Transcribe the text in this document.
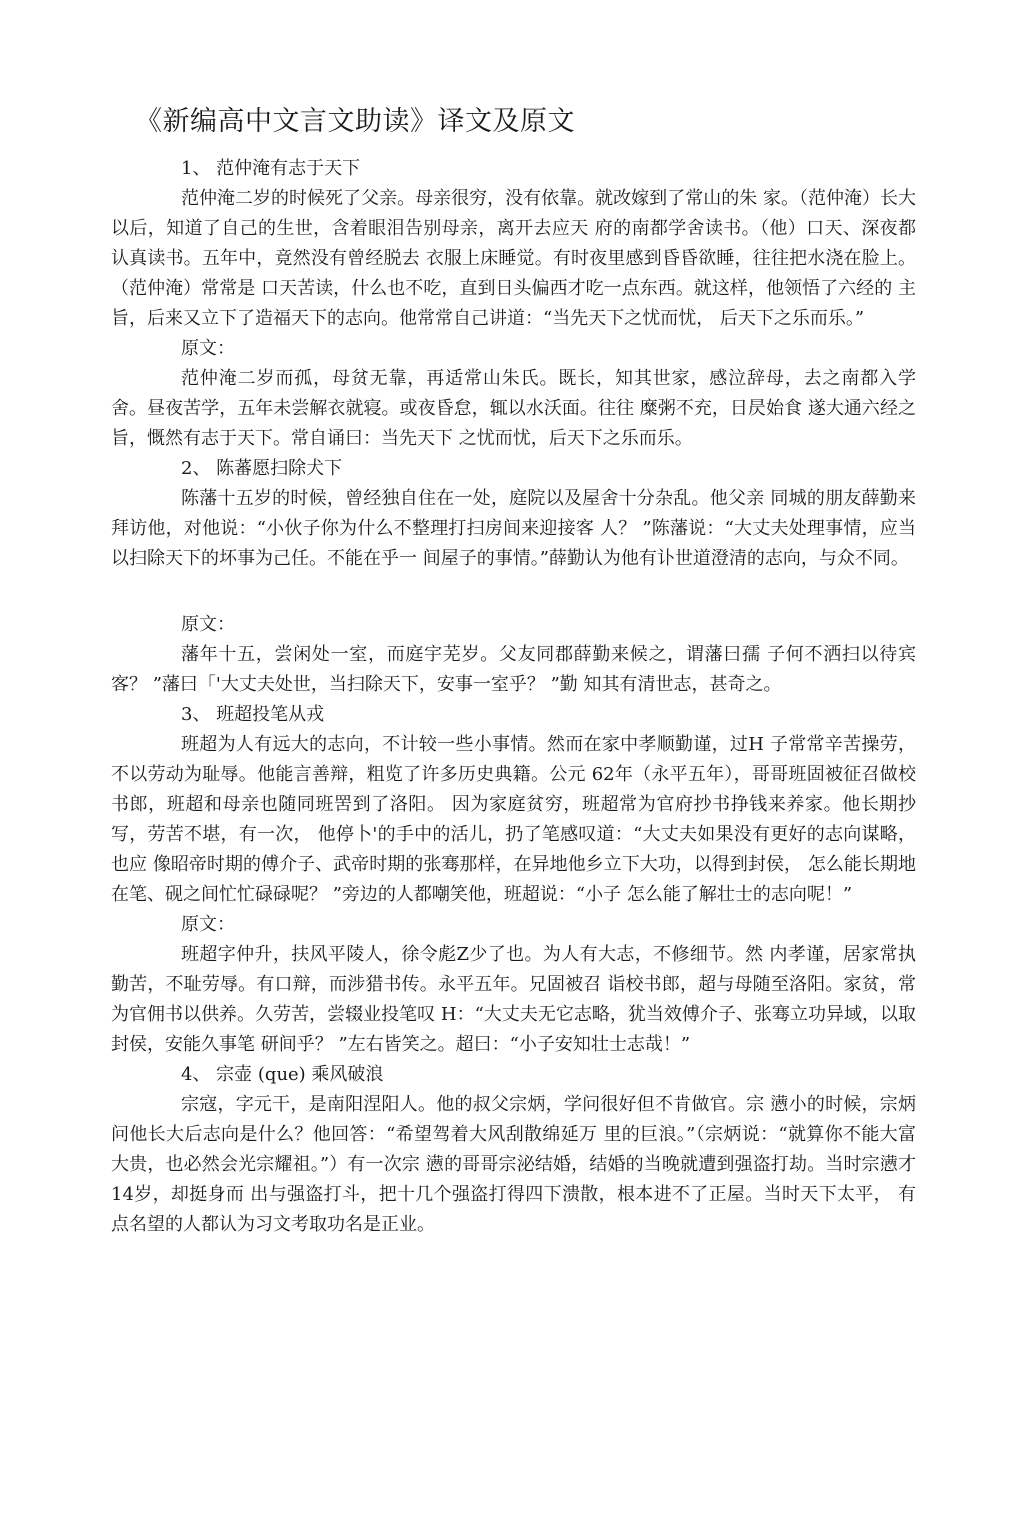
《新编高中文言文助读》译文及原文
1、 范仲淹有志于天下

范仲淹二岁的时候死了父亲。母亲很穷，没有依靠。就改嫁到了常山的朱 家。（范仲淹）长大以后，知道了自己的生世，含着眼泪告别母亲，离开去应天 府的南都学舍读书。（他）口天、深夜都认真读书。五年中，竟然没有曾经脱去 衣服上床睡觉。有时夜里感到昏昏欲睡，往往把水浇在脸上。（范仲淹）常常是 口天苦读，什么也不吃，直到日头偏西才吃一点东西。就这样，他领悟了六经的 主旨，后来又立下了造福天下的志向。他常常自己讲道：“当先天下之忧而忧， 后天下之乐而乐。”

原文：

范仲淹二岁而孤，母贫无靠，再适常山朱氏。既长，知其世家，感泣辞母，去之南都入学舍。昼夜苦学，五年未尝解衣就寝。或夜昏怠，辄以水沃面。往往 糜粥不充，日昃始食 遂大通六经之旨，慨然有志于天下。常自诵曰：当先天下 之忧而忧，后天下之乐而乐。

2、 陈蕃愿扫除犬下

陈藩十五岁的时候，曾经独自住在一处，庭院以及屋舍十分杂乱。他父亲 同城的朋友薛勤来拜访他，对他说：“小伙子你为什么不整理打扫房间来迎接客 人？ ”陈藩说：“大丈夫处理事情，应当以扫除天下的坏事为己任。不能在乎一 间屋子的事情。”薛勤认为他有讣世道澄清的志向，与众不同。

原文：

藩年十五，尝闲处一室，而庭宇芜岁。父友同郡薛勤来候之，谓藩曰孺 子何不洒扫以待宾客？ ”藩曰「'大丈夫处世，当扫除天下，安事一室乎？ ”勤 知其有清世志，甚奇之。

3、 班超投笔从戎

班超为人有远大的志向，不计较一些小事情。然而在家中孝顺勤谨，过H 子常常辛苦操劳，不以劳动为耻辱。他能言善辩，粗览了许多历史典籍。公元 62年（永平五年），哥哥班固被征召做校书郎，班超和母亲也随同班罟到了洛阳。 因为家庭贫穷，班超常为官府抄书挣钱来养家。他长期抄写，劳苦不堪，有一次， 他停卜'的手中的活儿，扔了笔感叹道：“大丈夫如果没有更好的志向谋略，也应 像昭帝时期的傅介子、武帝时期的张骞那样，在异地他乡立下大功，以得到封侯， 怎么能长期地在笔、砚之间忙忙碌碌呢？ ”旁边的人都嘲笑他，班超说：“小子 怎么能了解壮士的志向呢！”

原文：

班超字仲升，扶风平陵人，徐令彪Z少了也。为人有大志，不修细节。然 内孝谨，居家常执勤苦，不耻劳辱。有口辩，而涉猎书传。永平五年。兄固被召 诣校书郎，超与母随至洛阳。家贫，常为官佣书以供养。久劳苦，尝辍业投笔叹 H：“大丈夫无它志略，犹当效傅介子、张骞立功异域，以取封侯，安能久事笔 研间乎？ ”左右皆笑之。超曰：“小子安知壮士志哉！”

4、 宗壶 (que) 乘风破浪

宗寇，字元干，是南阳涅阳人。他的叔父宗炳，学问很好但不肯做官。宗 懑小的时候，宗炳问他长大后志向是什么？他回答：“希望驾着大风刮散绵延万 里的巨浪。”（宗炳说：“就算你不能大富大贵，也必然会光宗耀祖。”）有一次宗 懑的哥哥宗泌结婚，结婚的当晚就遭到强盗打劫。当时宗懑才14岁，却挺身而 出与强盗打斗，把十几个强盗打得四下溃散，根本进不了正屋。当时天下太平， 有点名望的人都认为习文考取功名是正业。
